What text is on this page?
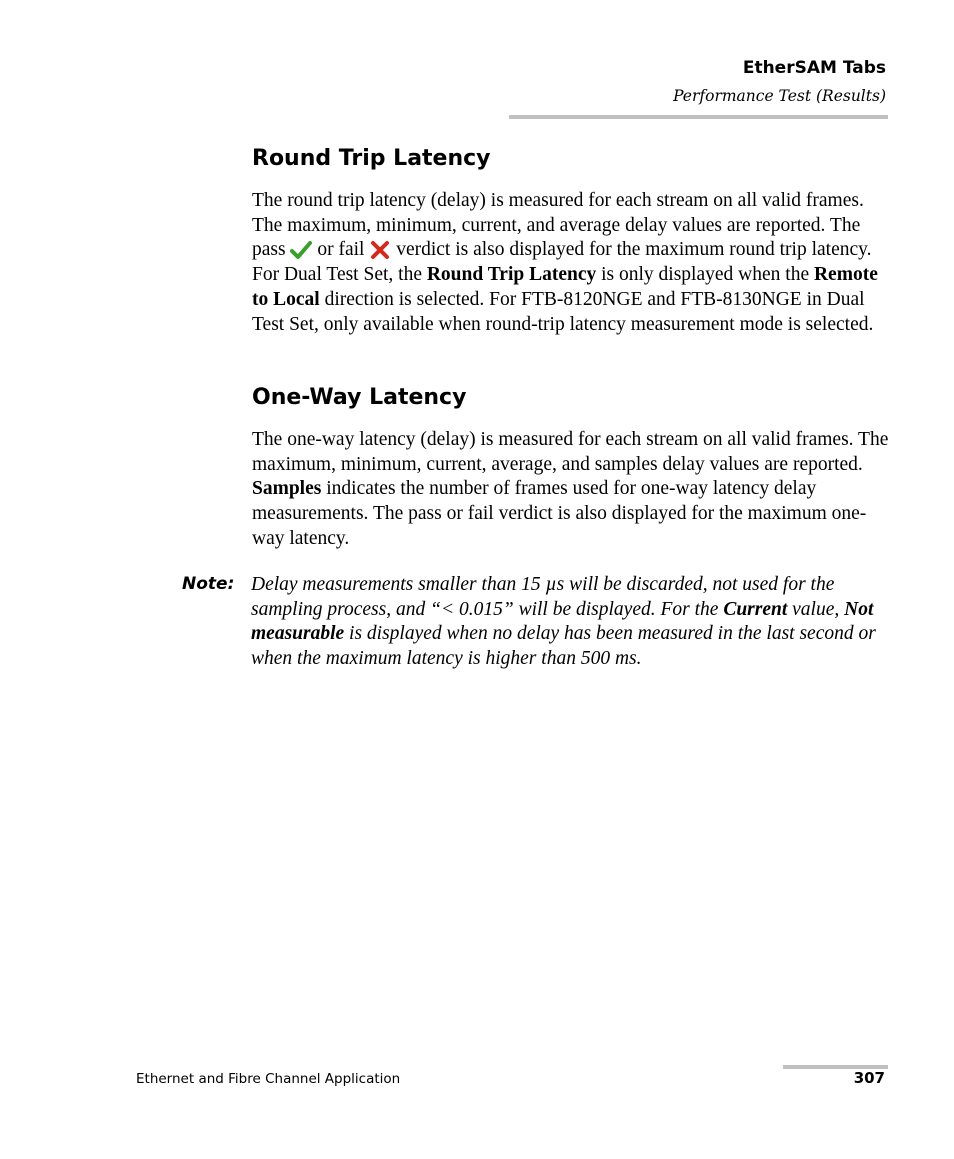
EtherSAM Tabs
Performance Test (Results)
Round Trip Latency

The round trip latency (delay) is measured for each stream on all valid frames. The maximum, minimum, current, and average delay values are reported. The pass  or fail  verdict is also displayed for the maximum round trip latency. For Dual Test Set, the Round Trip Latency is only displayed when the Remote to Local direction is selected. For FTB-8120NGE and FTB-8130NGE in Dual Test Set, only available when round-trip latency measurement mode is selected.

One-Way Latency

The one-way latency (delay) is measured for each stream on all valid frames. The maximum, minimum, current, average, and samples delay values are reported. Samples indicates the number of frames used for one-way latency delay measurements. The pass or fail verdict is also displayed for the maximum one-way latency.

Note: Delay measurements smaller than 15 µs will be discarded, not used for the sampling process, and “< 0.015” will be displayed. For the Current value, Not measurable is displayed when no delay has been measured in the last second or when the maximum latency is higher than 500 ms.

Ethernet and Fibre Channel Application	307
